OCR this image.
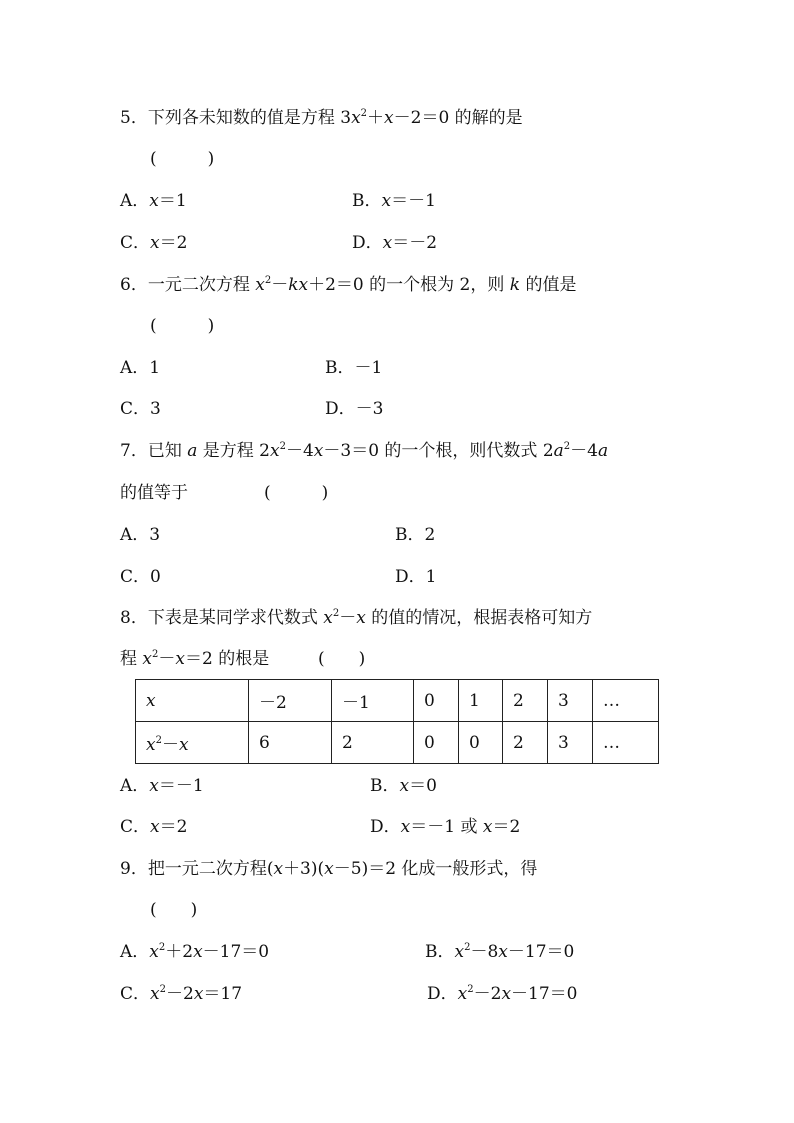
5．下列各未知数的值是方程 $3x^2+x-2=0$ 的解的是
(　　　)
A．x＝1	B．x＝－1
C．x＝2	D．x＝－2
6．一元二次方程 $x^2-kx+2=0$ 的一个根为 2，则 k 的值是
(　　　)
A．1	B．－1
C．3	D．－3
7．已知 a 是方程 $2x^2-4x-3=0$ 的一个根，则代数式 $2a^2-4a$
的值等于	(　　　)
A．3	B．2
C．0	D．1
8．下表是某同学求代数式 $x^2-x$ 的值的情况，根据表格可知方
程 $x^2-x=2$ 的根是	(　　)
x	－2	－1	0	1	2	3	…
$x^2-x$	6	2	0	0	2	3	…
A．x＝－1	B．x＝0
C．x＝2	D．x＝－1 或 x＝2
9．把一元二次方程(x＋3)(x－5)＝2 化成一般形式，得
(　　)
A．$x^2+2x-17=0$	B．$x^2-8x-17=0$
C．$x^2-2x=17$	D．$x^2-2x-17=0$
